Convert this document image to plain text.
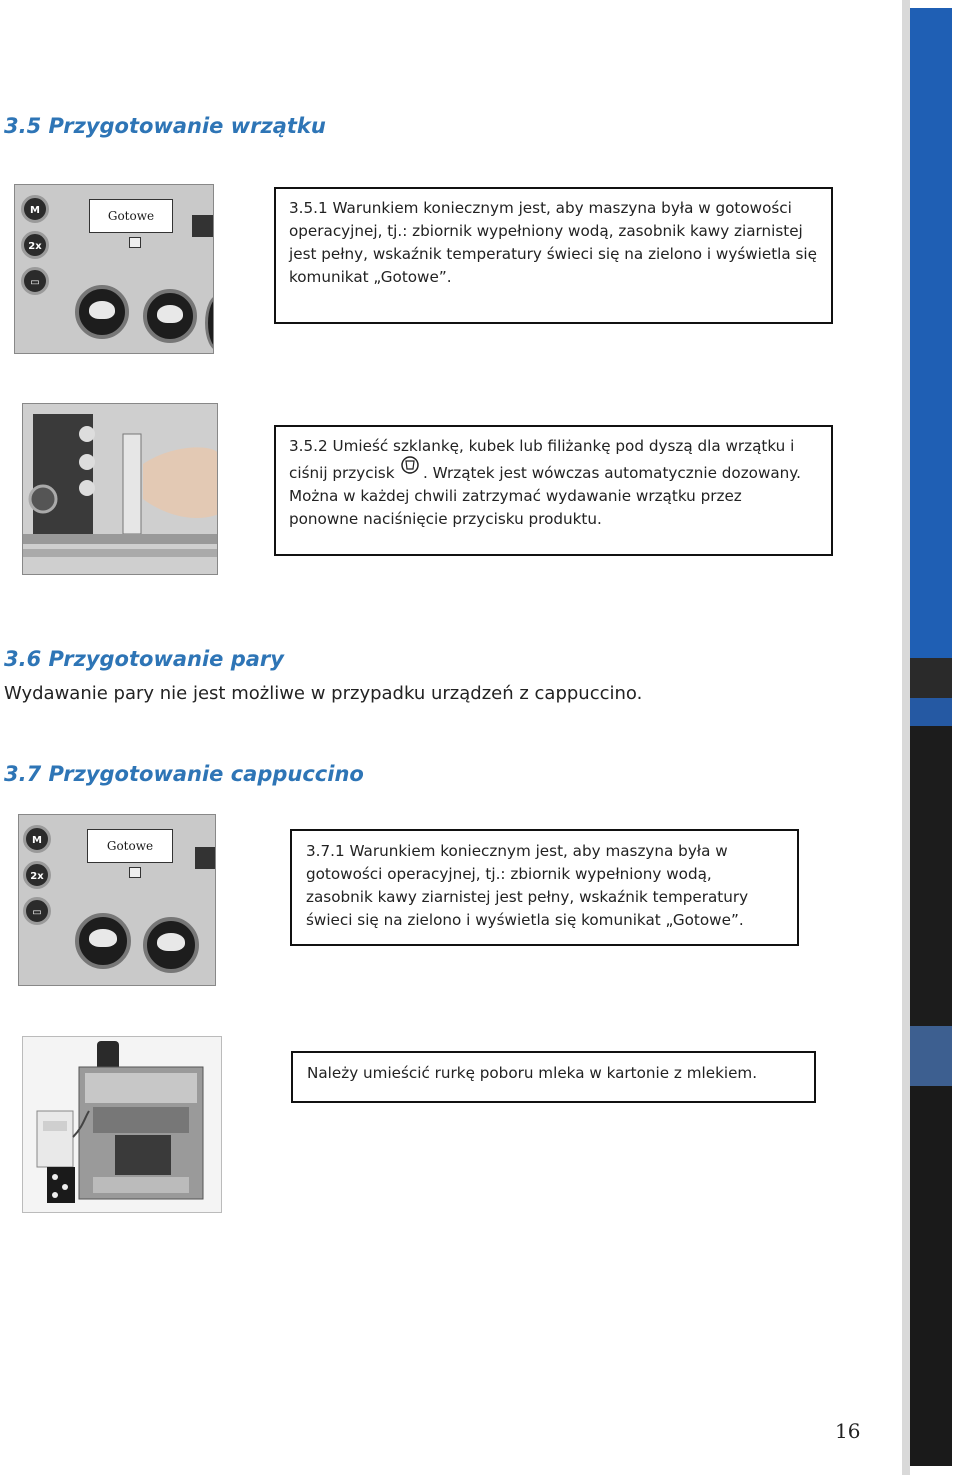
3.5 Przygotowanie wrzątku
M
2x
▭
Gotowe	3.5.1 Warunkiem koniecznym jest, aby maszyna była w gotowości
operacyjnej, tj.: zbiornik wypełniony wodą, zasobnik kawy ziarnistej
jest pełny, wskaźnik temperatury świeci się na zielono i wyświetla się
komunikat „Gotowe”.
3.5.2 Umieść szklankę, kubek lub filiżankę pod dyszą dla wrzątku i
ciśnij przycisk . Wrzątek jest wówczas automatycznie dozowany.
Można w każdej chwili zatrzymać wydawanie wrzątku przez
ponowne naciśnięcie przycisku produktu.
3.6 Przygotowanie pary
Wydawanie pary nie jest możliwe w przypadku urządzeń z cappuccino.
3.7 Przygotowanie cappuccino
M
2x
▭
Gotowe	3.7.1 Warunkiem koniecznym jest, aby maszyna była w
gotowości operacyjnej, tj.: zbiornik wypełniony wodą,
zasobnik kawy ziarnistej jest pełny, wskaźnik temperatury
świeci się na zielono i wyświetla się komunikat „Gotowe”.
Należy umieścić rurkę poboru mleka w kartonie z mlekiem.
16
